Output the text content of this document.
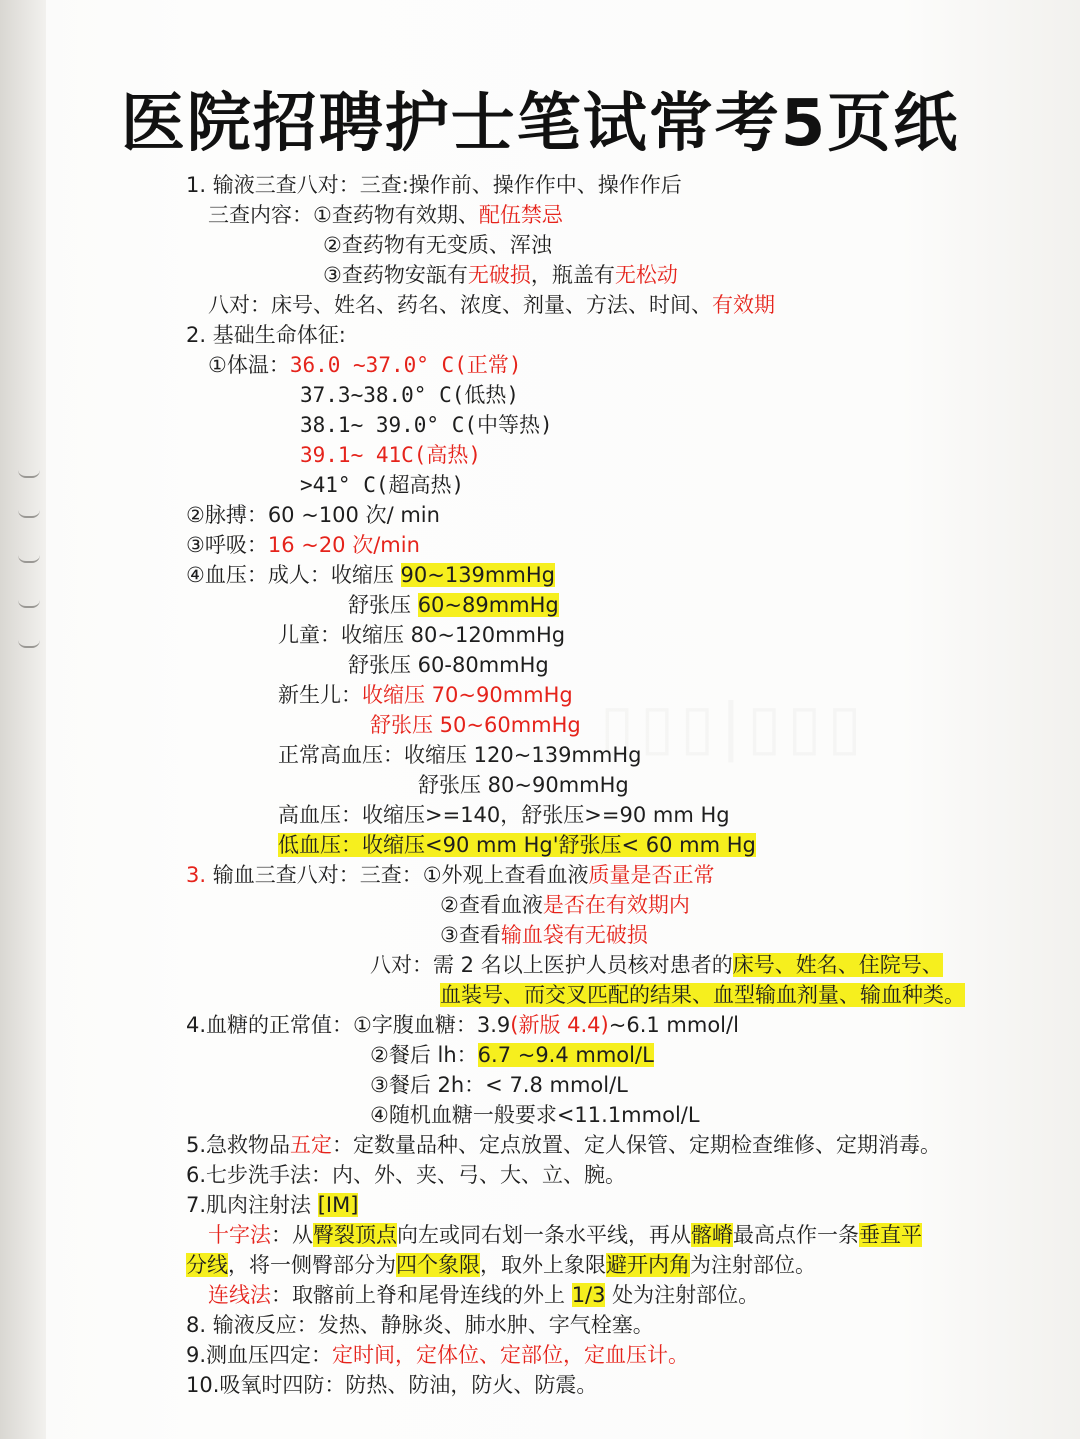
▯▯▯|▯▯▯
医院招聘护士笔试常考5页纸
1. 输液三查八对：三查:操作前、操作作中、操作作后
三查内容：①查药物有效期、配伍禁忌
②查药物有无变质、浑浊
③查药物安瓿有无破损，瓶盖有无松动
八对：床号、姓名、药名、浓度、剂量、方法、时间、有效期
2. 基础生命体征:
①体温：36.0 ~37.0° C(正常)
37.3~38.0° C(低热)
38.1~ 39.0° C(中等热)
39.1~ 41C(高热)
>41° C(超高热)
②脉搏：60 ~100 次/ min
③呼吸：16 ~20 次/min
④血压：成人：收缩压 90~139mmHg
舒张压 60~89mmHg
儿童：收缩压 80~120mmHg
舒张压 60-80mmHg
新生儿：收缩压 70~90mmHg
舒张压 50~60mmHg
正常高血压：收缩压 120~139mmHg
舒张压 80~90mmHg
高血压：收缩压>=140，舒张压>=90 mm Hg
低血压：收缩压<90 mm Hg'舒张压< 60 mm Hg
3. 输血三查八对：三查：①外观上查看血液质量是否正常
②查看血液是否在有效期内
③查看输血袋有无破损
八对：需 2 名以上医护人员核对患者的床号、姓名、住院号、
血装号、而交叉匹配的结果、血型输血剂量、输血种类。
4.血糖的正常值：①字腹血糖：3.9(新版 4.4)~6.1 mmol/l
②餐后 lh：6.7 ~9.4 mmol/L
③餐后 2h：< 7.8 mmol/L
④随机血糖一般要求<11.1mmol/L
5.急救物品五定：定数量品种、定点放置、定人保管、定期检查维修、定期消毒。
6.七步洗手法：内、外、夹、弓、大、立、腕。
7.肌肉注射法 [IM]
十字法：从臀裂顶点向左或同右划一条水平线，再从髂嵴最高点作一条垂直平
分线，将一侧臀部分为四个象限，取外上象限避开内角为注射部位。
连线法：取髂前上脊和尾骨连线的外上 1/3 处为注射部位。
8. 输液反应：发热、静脉炎、肺水肿、字气栓塞。
9.测血压四定：定时间，定体位、定部位，定血压计。
10.吸氧时四防：防热、防油，防火、防震。
